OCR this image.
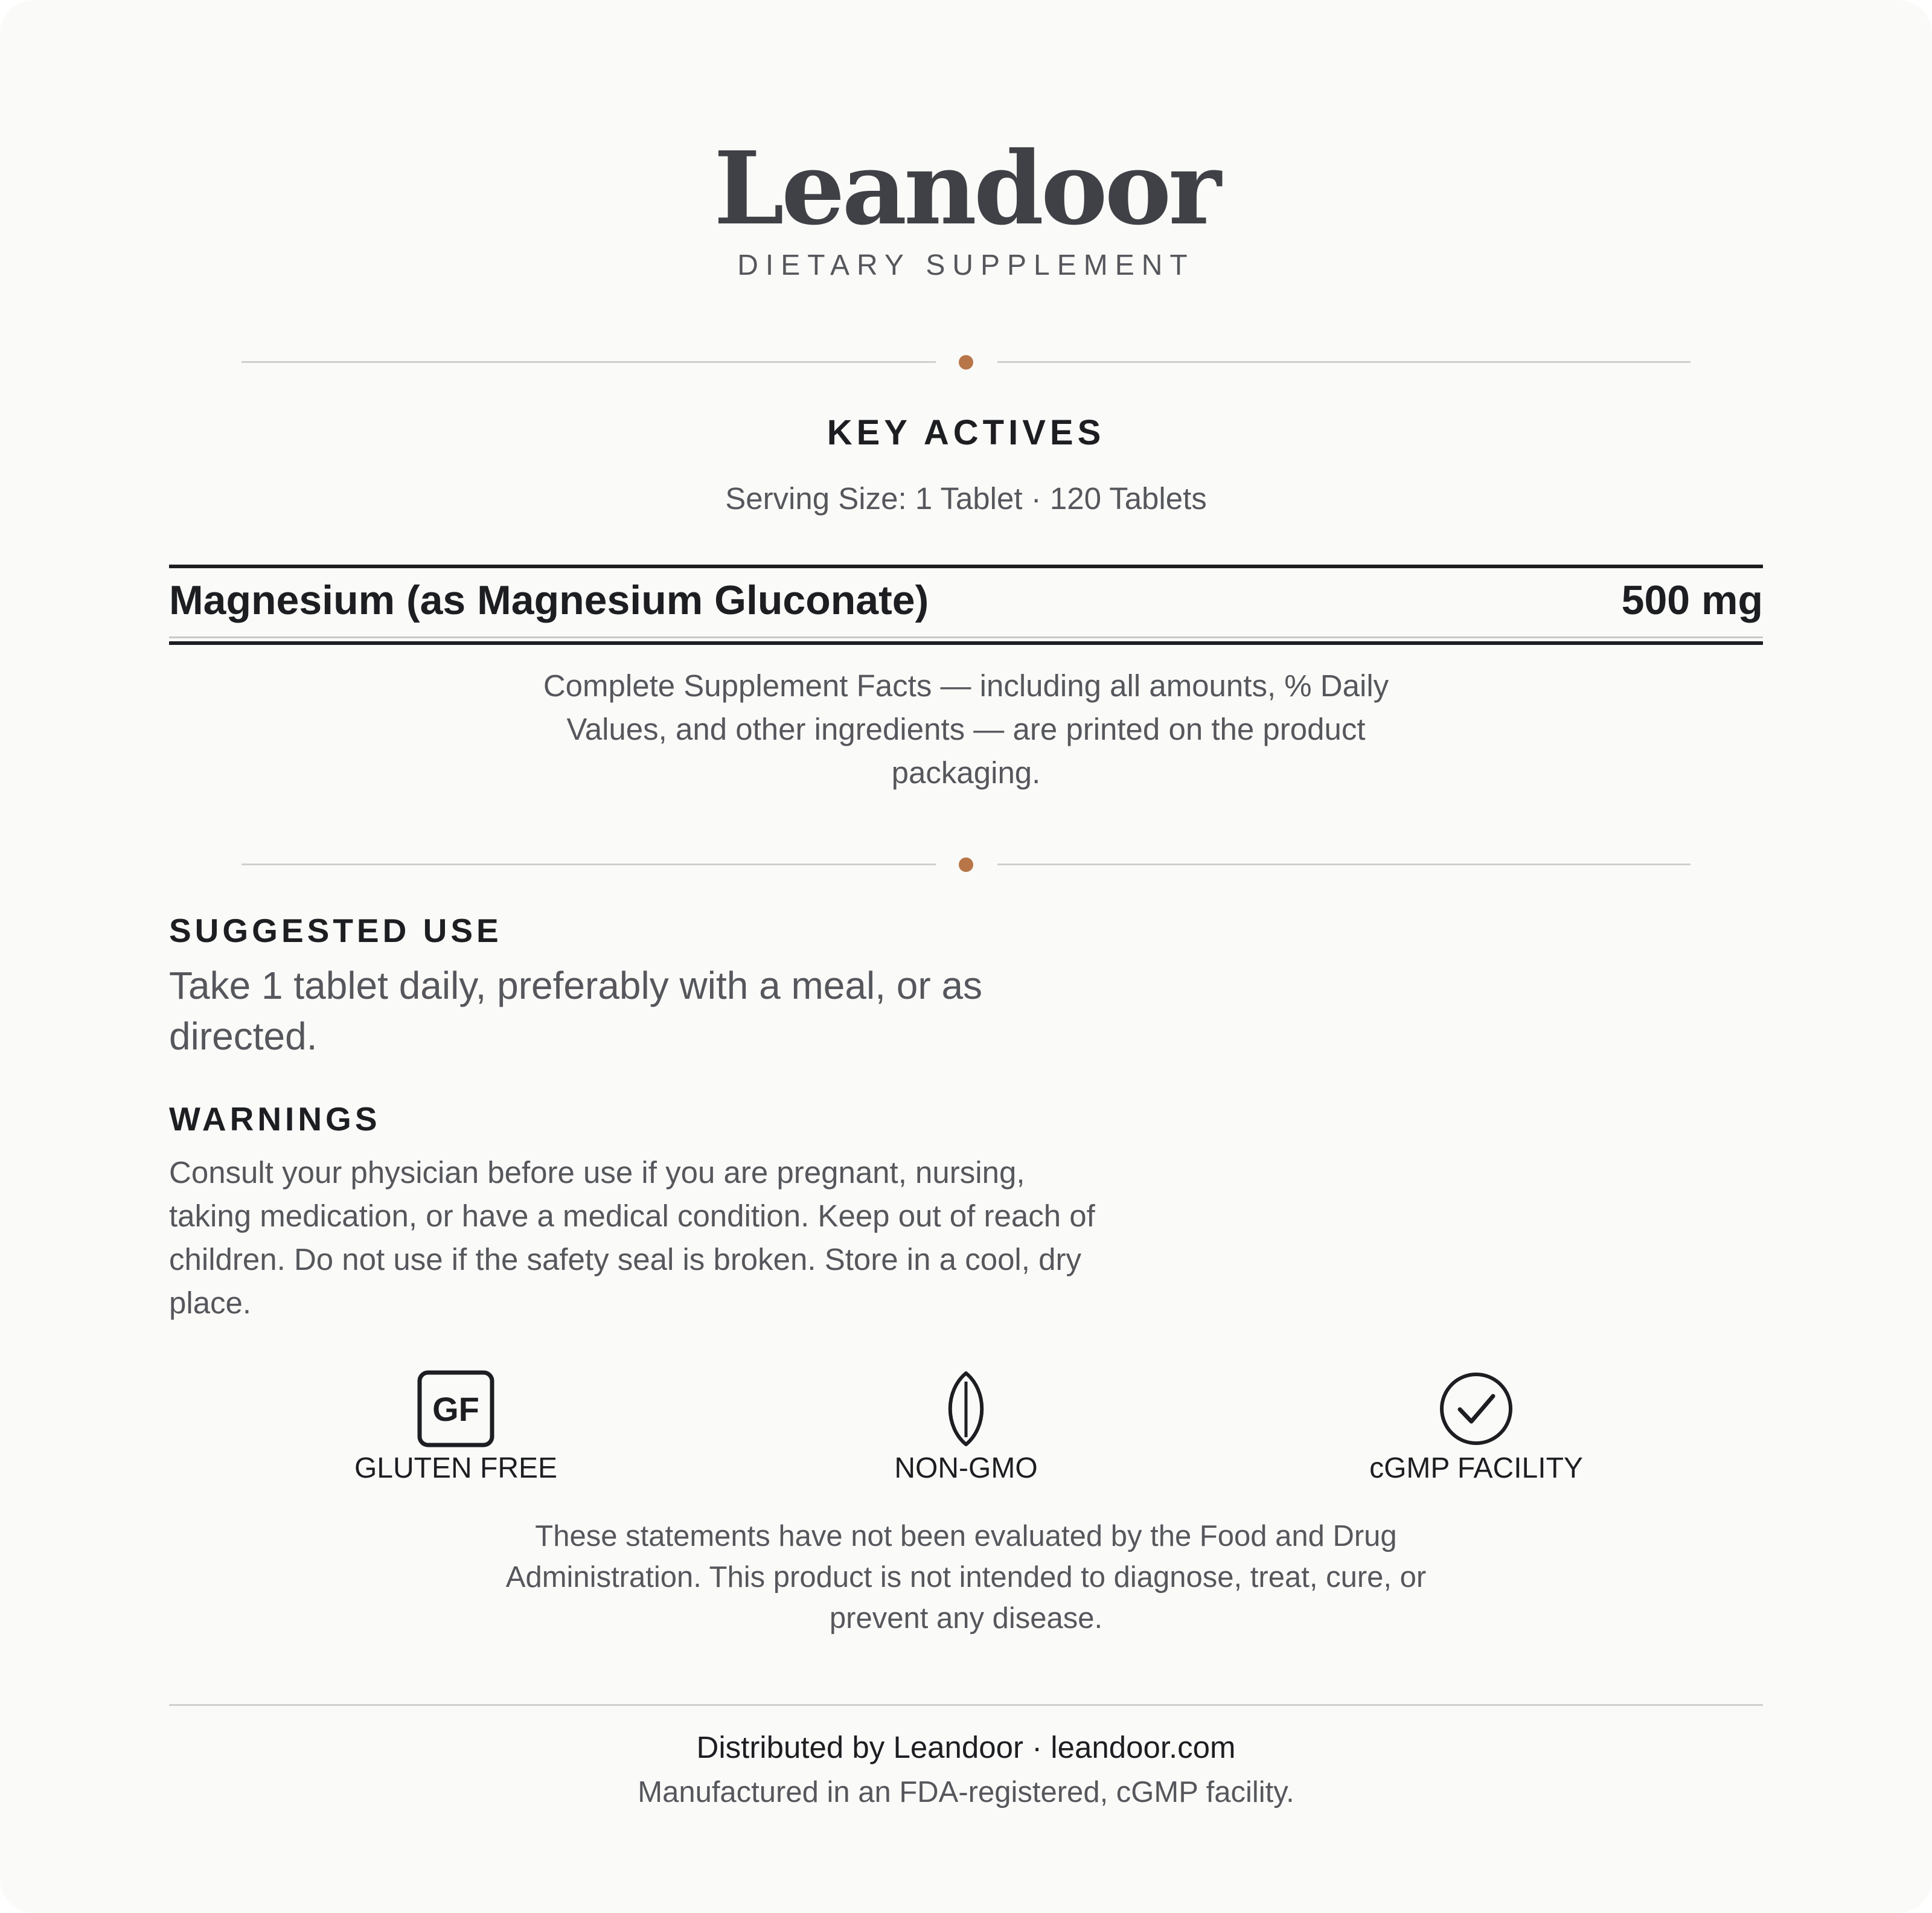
Leandoor
DIETARY SUPPLEMENT
KEY ACTIVES
Serving Size: 1 Tablet · 120 Tablets
Magnesium (as Magnesium Gluconate)	500 mg
Complete Supplement Facts — including all amounts, % Daily Values, and other ingredients — are printed on the product packaging.
SUGGESTED USE
Take 1 tablet daily, preferably with a meal, or as directed.
WARNINGS
Consult your physician before use if you are pregnant, nursing, taking medication, or have a medical condition. Keep out of reach of children. Do not use if the safety seal is broken. Store in a cool, dry place.
GF
GLUTEN FREE	NON-GMO	cGMP FACILITY
These statements have not been evaluated by the Food and Drug Administration. This product is not intended to diagnose, treat, cure, or prevent any disease.
Distributed by Leandoor · leandoor.com
Manufactured in an FDA-registered, cGMP facility.
